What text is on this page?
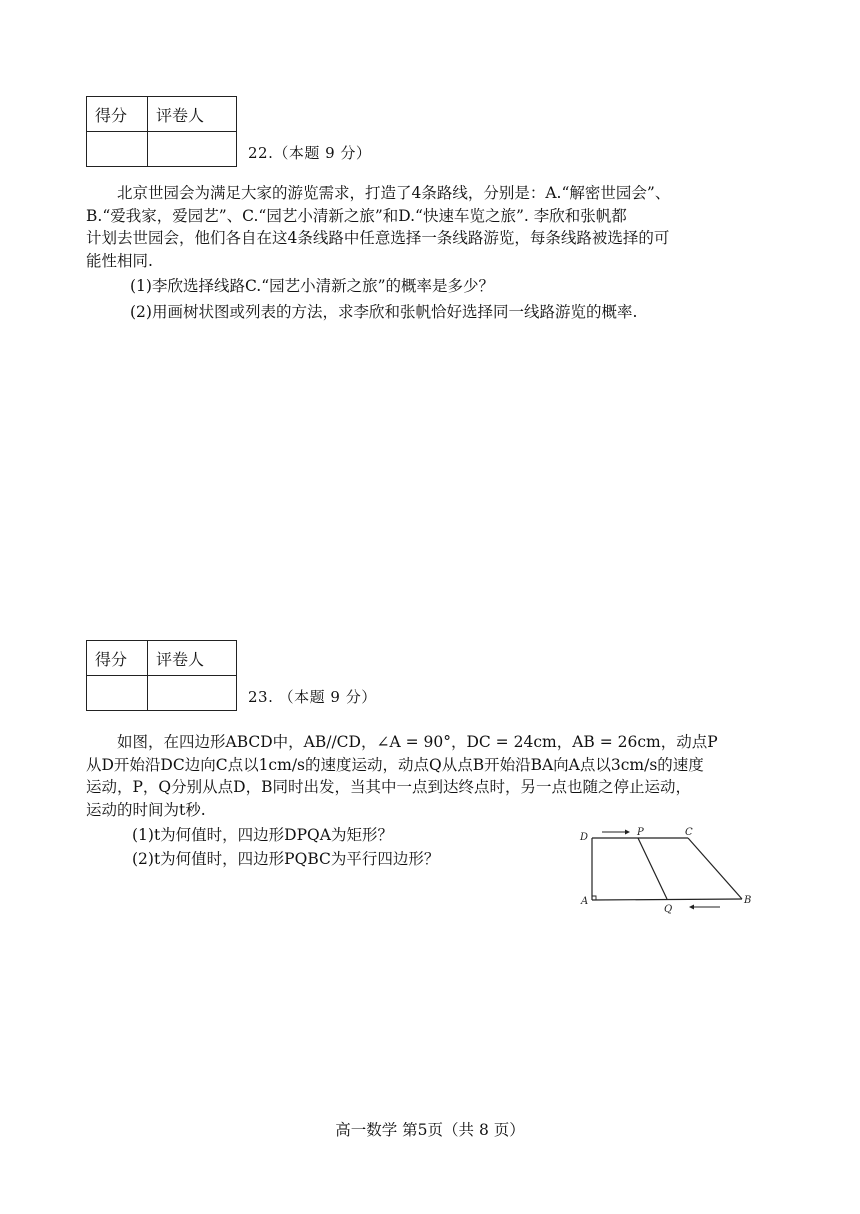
得分	评卷人

22.（本题 9 分）

北京世园会为满足大家的游览需求，打造了4条路线，分别是：A.“解密世园会”、

B.“爱我家，爱园艺”、C.“园艺小清新之旅”和D.“快速车览之旅”. 李欣和张帆都

计划去世园会，他们各自在这4条线路中任意选择一条线路游览，每条线路被选择的可

能性相同.

(1)李欣选择线路C.“园艺小清新之旅”的概率是多少？
(2)用画树状图或列表的方法，求李欣和张帆恰好选择同一线路游览的概率.
得分	评卷人

23. （本题 9 分）

如图，在四边形ABCD中，AB//CD，∠A = 90°，DC = 24cm，AB = 26cm，动点P

从D开始沿DC边向C点以1cm/s的速度运动，动点Q从点B开始沿BA向A点以3cm/s的速度

运动，P，Q分别从点D，B同时出发，当其中一点到达终点时，另一点也随之停止运动，

运动的时间为t秒.

(1)t为何值时，四边形DPQA为矩形？
(2)t为何值时，四边形PQBC为平行四边形？
D	P	C
A
Q
B
高一数学 第5页（共 8 页）
